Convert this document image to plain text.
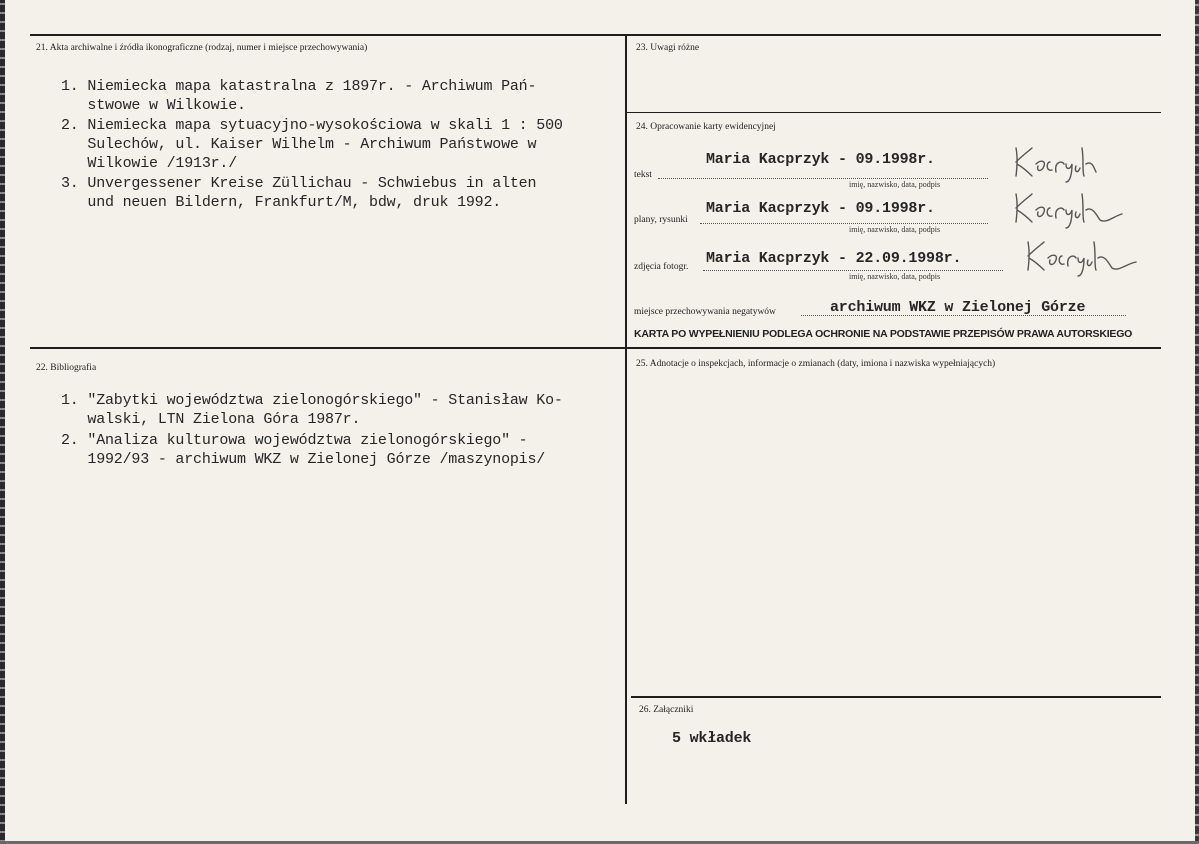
21. Akta archiwalne i źródła ikonograficzne (rodzaj, numer i miejsce przechowywania)
1. Niemiecka mapa katastralna z 1897r. - Archiwum Pań-
stwowe w Wilkowie.
2. Niemiecka mapa sytuacyjno-wysokościowa w skali 1 : 500
Sulechów, ul. Kaiser Wilhelm - Archiwum Państwowe w
Wilkowie /1913r./
3. Unvergessener Kreise Züllichau - Schwiebus in alten
und neuen Bildern, Frankfurt/M, bdw, druk 1992.
22. Bibliografia
1. "Zabytki województwa zielonogórskiego" - Stanisław Ko-
walski, LTN Zielona Góra 1987r.
2. "Analiza kulturowa województwa zielonogórskiego" -
1992/93 - archiwum WKZ w Zielonej Górze /maszynopis/
23. Uwagi różne
24. Opracowanie karty ewidencyjnej
tekst
Maria Kacprzyk - 09.1998r.
imię, nazwisko, data, podpis
plany, rysunki
Maria Kacprzyk - 09.1998r.
imię, nazwisko, data, podpis
zdjęcia fotogr. Maria Kacprzyk - 22.09.1998r.
imię, nazwisko, data, podpis
miejsce przechowywania negatywów	archiwum WKZ w Zielonej Górze
KARTA PO WYPEŁNIENIU PODLEGA OCHRONIE NA PODSTAWIE PRZEPISÓW PRAWA AUTORSKIEGO
25. Adnotacje o inspekcjach, informacje o zmianach (daty, imiona i nazwiska wypełniających)
26. Załączniki
5 wkładek
